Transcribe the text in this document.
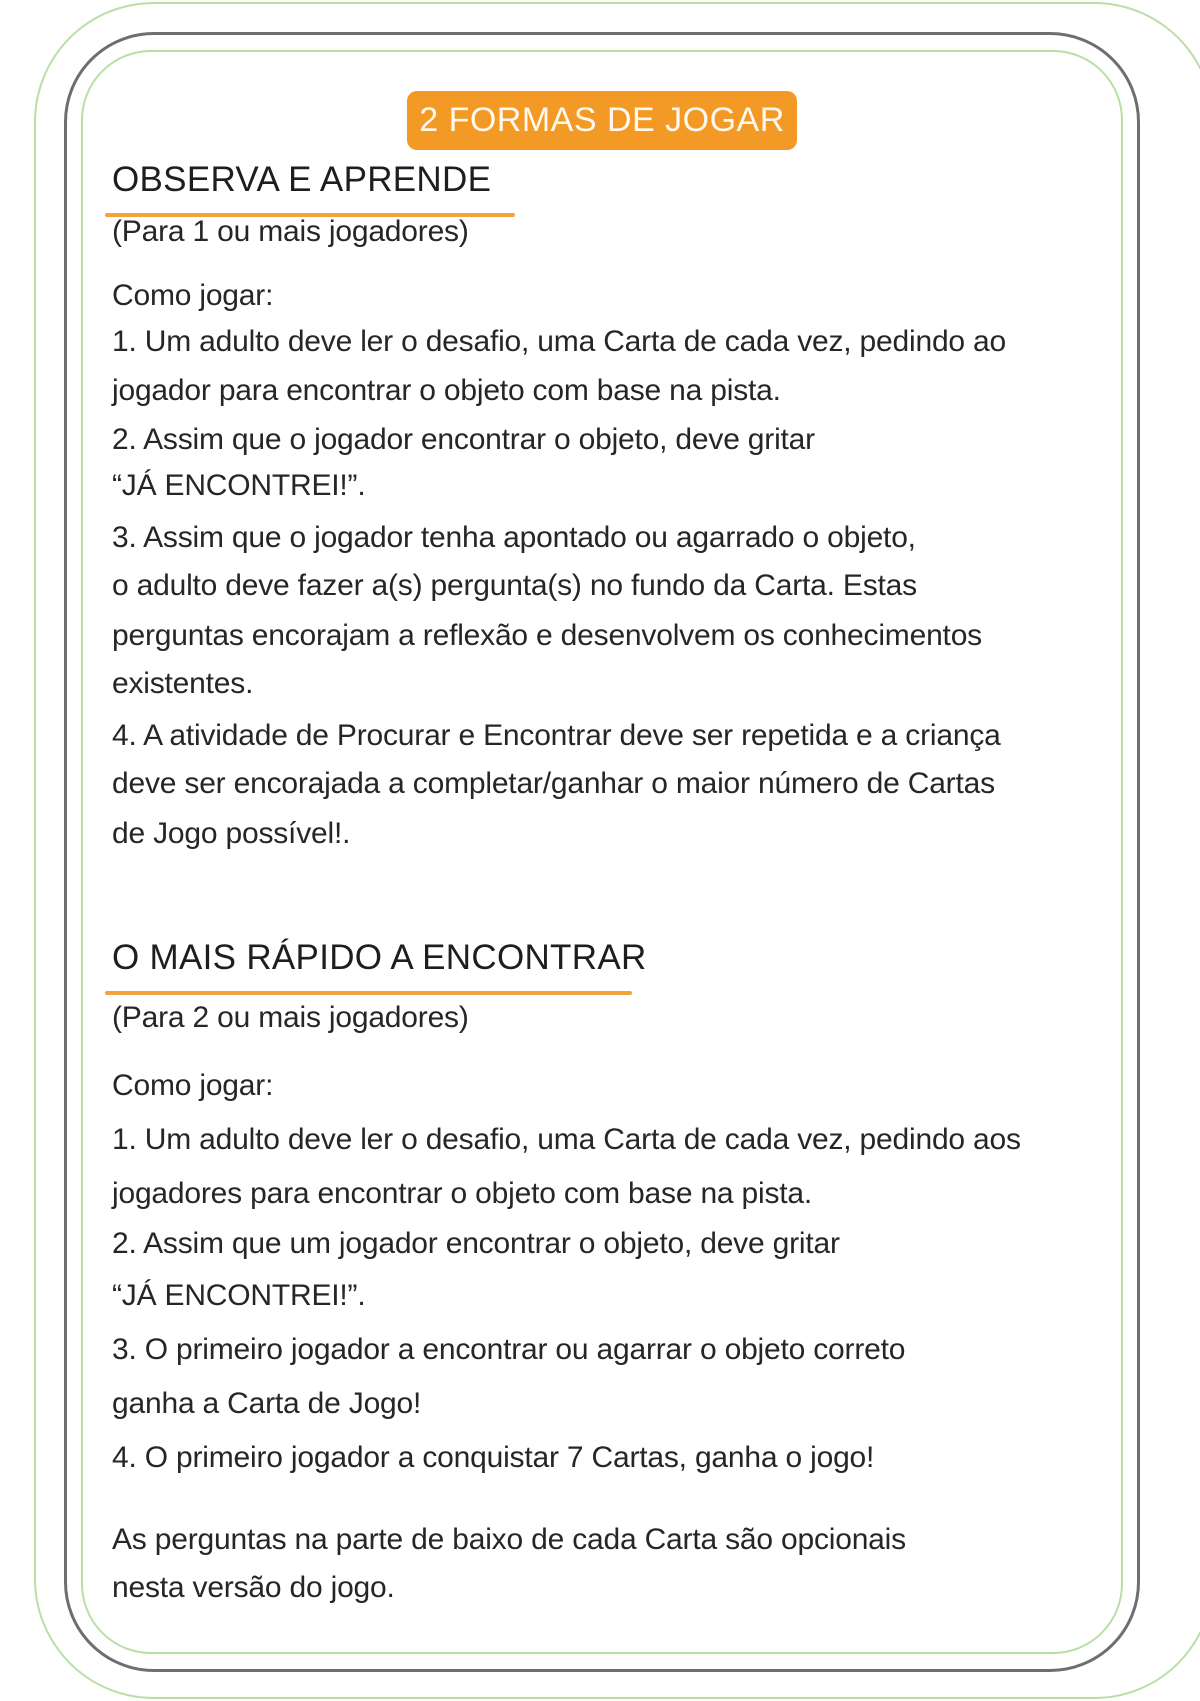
2 FORMAS DE JOGAR
OBSERVA E APRENDE
(Para 1 ou mais jogadores)
Como jogar:
1. Um adulto deve ler o desafio, uma Carta de cada vez, pedindo ao
jogador para encontrar o objeto com base na pista.
2. Assim que o jogador encontrar o objeto, deve gritar
“JÁ ENCONTREI!”.
3. Assim que o jogador tenha apontado ou agarrado o objeto,
o adulto deve fazer a(s) pergunta(s) no fundo da Carta. Estas
perguntas encorajam a reflexão e desenvolvem os conhecimentos
existentes.
4. A atividade de Procurar e Encontrar deve ser repetida e a criança
deve ser encorajada a completar/ganhar o maior número de Cartas
de Jogo possível!.
O MAIS RÁPIDO A ENCONTRAR
(Para 2 ou mais jogadores)
Como jogar:
1. Um adulto deve ler o desafio, uma Carta de cada vez, pedindo aos
jogadores para encontrar o objeto com base na pista.
2. Assim que um jogador encontrar o objeto, deve gritar
“JÁ ENCONTREI!”.
3. O primeiro jogador a encontrar ou agarrar o objeto correto
ganha a Carta de Jogo!
4. O primeiro jogador a conquistar 7 Cartas, ganha o jogo!
As perguntas na parte de baixo de cada Carta são opcionais
nesta versão do jogo.
